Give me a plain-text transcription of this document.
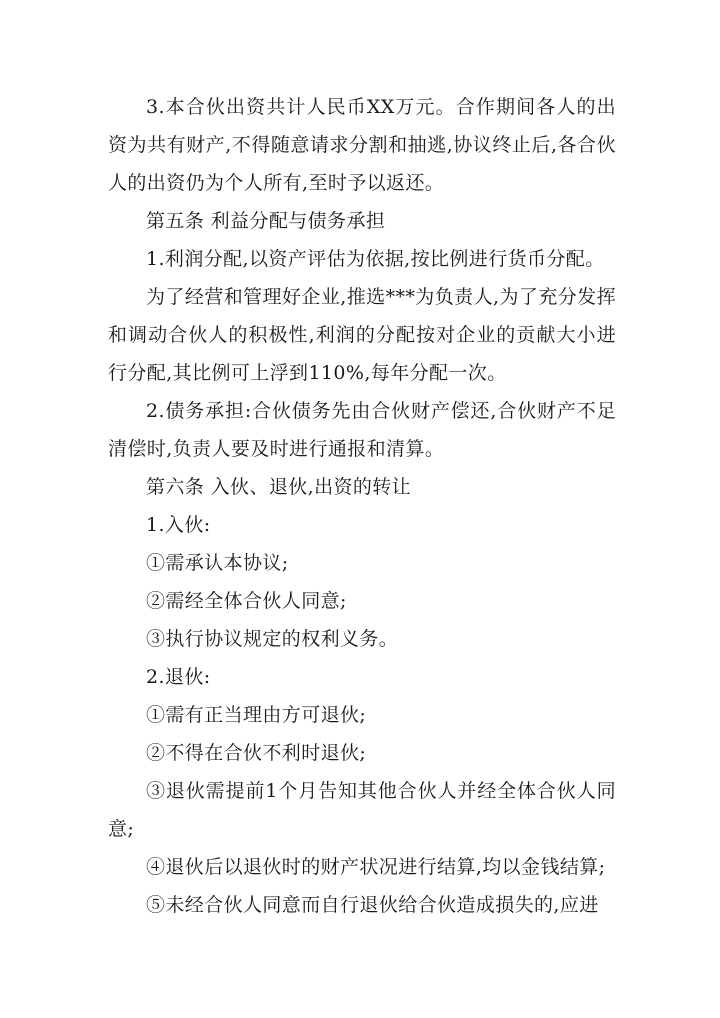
3.本合伙出资共计人民币XX万元。合作期间各人的出资为共有财产,不得随意请求分割和抽逃,协议终止后,各合伙人的出资仍为个人所有,至时予以返还。

第五条 利益分配与债务承担

1.利润分配,以资产评估为依据,按比例进行货币分配。

为了经营和管理好企业,推选***为负责人,为了充分发挥和调动合伙人的积极性,利润的分配按对企业的贡献大小进行分配,其比例可上浮到110%,每年分配一次。

2.债务承担:合伙债务先由合伙财产偿还,合伙财产不足清偿时,负责人要及时进行通报和清算。

第六条 入伙、退伙,出资的转让

1.入伙:

①需承认本协议;

②需经全体合伙人同意;

③执行协议规定的权利义务。

2.退伙:

①需有正当理由方可退伙;

②不得在合伙不利时退伙;

③退伙需提前1个月告知其他合伙人并经全体合伙人同意;

④退伙后以退伙时的财产状况进行结算,均以金钱结算;

⑤未经合伙人同意而自行退伙给合伙造成损失的,应进
